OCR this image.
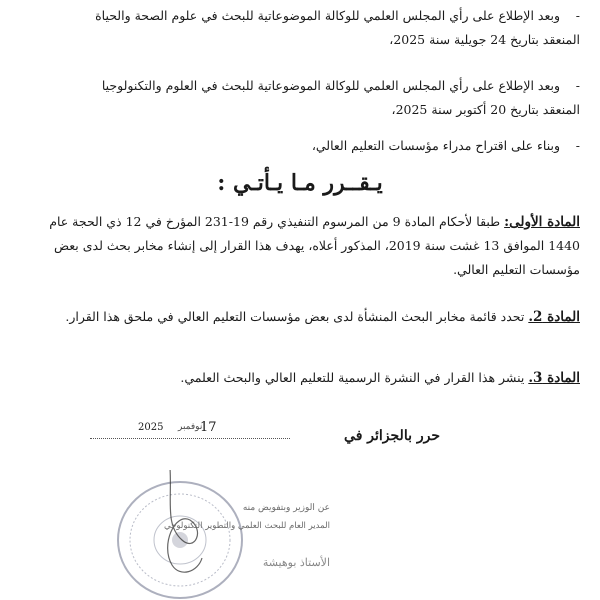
-وبعد الإطلاع على رأي المجلس العلمي للوكالة الموضوعاتية للبحث في علوم الصحة والحياة
المنعقد بتاريخ 24 جويلية سنة 2025،
-وبعد الإطلاع على رأي المجلس العلمي للوكالة الموضوعاتية للبحث في العلوم والتكنولوجيا
المنعقد بتاريخ 20 أكتوبر سنة 2025،
-وبناء على اقتراح مدراء مؤسسات التعليم العالي،
يـقــرر مـا يـأتـي :
المادة الأولى: طبقا لأحكام المادة 9 من المرسوم التنفيذي رقم 19-231 المؤرخ في 12 ذي الحجة عام 1440 الموافق 13 غشت سنة 2019، المذكور أعلاه، يهدف هذا القرار إلى إنشاء مخابر بحث لدى بعض مؤسسات التعليم العالي.
المادة 2. تحدد قائمة مخابر البحث المنشأة لدى بعض مؤسسات التعليم العالي في ملحق هذا القرار.
المادة 3. ينشر هذا القرار في النشرة الرسمية للتعليم العالي والبحث العلمي.
حرر بالجزائر في
2025 نوفمبر
17
عن الوزير وبتفويض منه
المدير العام للبحث العلمي والتطوير التكنولوجي
الأستاذ بوهيشة
